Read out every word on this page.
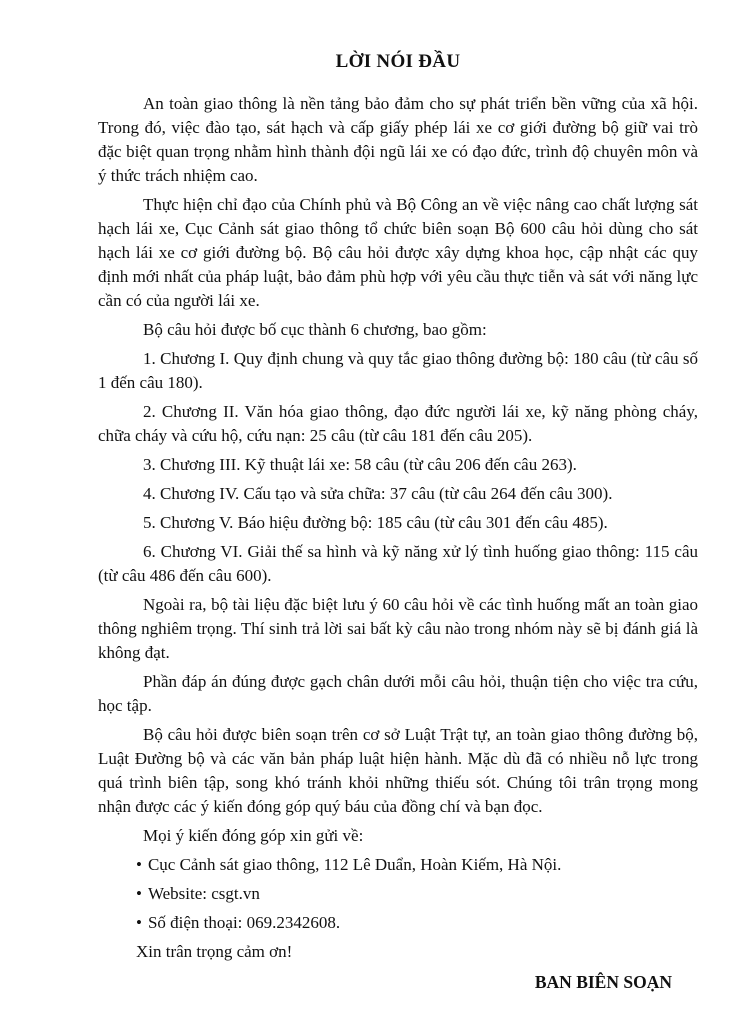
LỜI NÓI ĐẦU

An toàn giao thông là nền tảng bảo đảm cho sự phát triển bền vững của xã hội. Trong đó, việc đào tạo, sát hạch và cấp giấy phép lái xe cơ giới đường bộ giữ vai trò đặc biệt quan trọng nhằm hình thành đội ngũ lái xe có đạo đức, trình độ chuyên môn và ý thức trách nhiệm cao.

Thực hiện chỉ đạo của Chính phủ và Bộ Công an về việc nâng cao chất lượng sát hạch lái xe, Cục Cảnh sát giao thông tổ chức biên soạn Bộ 600 câu hỏi dùng cho sát hạch lái xe cơ giới đường bộ. Bộ câu hỏi được xây dựng khoa học, cập nhật các quy định mới nhất của pháp luật, bảo đảm phù hợp với yêu cầu thực tiễn và sát với năng lực cần có của người lái xe.

Bộ câu hỏi được bố cục thành 6 chương, bao gồm:

1. Chương I. Quy định chung và quy tắc giao thông đường bộ: 180 câu (từ câu số 1 đến câu 180).

2. Chương II. Văn hóa giao thông, đạo đức người lái xe, kỹ năng phòng cháy, chữa cháy và cứu hộ, cứu nạn: 25 câu (từ câu 181 đến câu 205).

3. Chương III. Kỹ thuật lái xe: 58 câu (từ câu 206 đến câu 263).

4. Chương IV. Cấu tạo và sửa chữa: 37 câu (từ câu 264 đến câu 300).

5. Chương V. Báo hiệu đường bộ: 185 câu (từ câu 301 đến câu 485).

6. Chương VI. Giải thế sa hình và kỹ năng xử lý tình huống giao thông: 115 câu (từ câu 486 đến câu 600).

Ngoài ra, bộ tài liệu đặc biệt lưu ý 60 câu hỏi về các tình huống mất an toàn giao thông nghiêm trọng. Thí sinh trả lời sai bất kỳ câu nào trong nhóm này sẽ bị đánh giá là không đạt.

Phần đáp án đúng được gạch chân dưới mỗi câu hỏi, thuận tiện cho việc tra cứu, học tập.

Bộ câu hỏi được biên soạn trên cơ sở Luật Trật tự, an toàn giao thông đường bộ, Luật Đường bộ và các văn bản pháp luật hiện hành. Mặc dù đã có nhiều nỗ lực trong quá trình biên tập, song khó tránh khỏi những thiếu sót. Chúng tôi trân trọng mong nhận được các ý kiến đóng góp quý báu của đồng chí và bạn đọc.

Mọi ý kiến đóng góp xin gửi về:

• Cục Cảnh sát giao thông, 112 Lê Duẩn, Hoàn Kiếm, Hà Nội.
• Website: csgt.vn
• Số điện thoại: 069.2342608.

Xin trân trọng cảm ơn!

BAN BIÊN SOẠN
